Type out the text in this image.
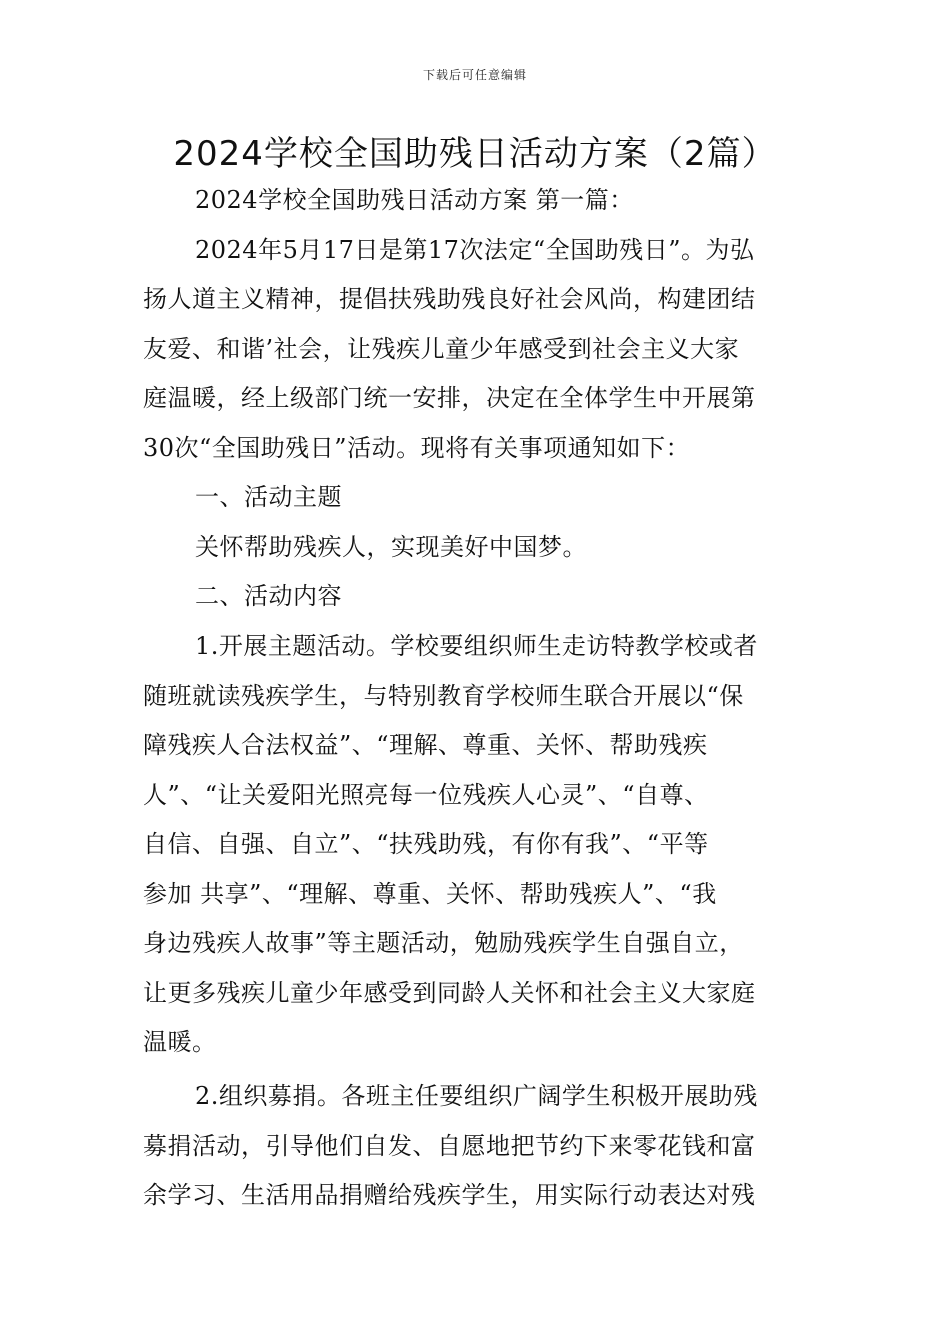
下载后可任意编辑
2024学校全国助残日活动方案（2篇）
2024学校全国助残日活动方案 第一篇：
2024年5月17日是第17次法定“全国助残日”。为弘
扬人道主义精神，提倡扶残助残良好社会风尚，构建团结
友爱、和谐’社会，让残疾儿童少年感受到社会主义大家
庭温暖，经上级部门统一安排，决定在全体学生中开展第
30次“全国助残日”活动。现将有关事项通知如下：
一、活动主题
关怀帮助残疾人，实现美好中国梦。
二、活动内容
1.开展主题活动。学校要组织师生走访特教学校或者
随班就读残疾学生，与特别教育学校师生联合开展以“保
障残疾人合法权益”、“理解、尊重、关怀、帮助残疾
人”、“让关爱阳光照亮每一位残疾人心灵”、“自尊、
自信、自强、自立”、“扶残助残，有你有我”、“平等
参加 共享”、“理解、尊重、关怀、帮助残疾人”、“我
身边残疾人故事”等主题活动，勉励残疾学生自强自立，
让更多残疾儿童少年感受到同龄人关怀和社会主义大家庭
温暖。
2.组织募捐。各班主任要组织广阔学生积极开展助残
募捐活动，引导他们自发、自愿地把节约下来零花钱和富
余学习、生活用品捐赠给残疾学生，用实际行动表达对残
